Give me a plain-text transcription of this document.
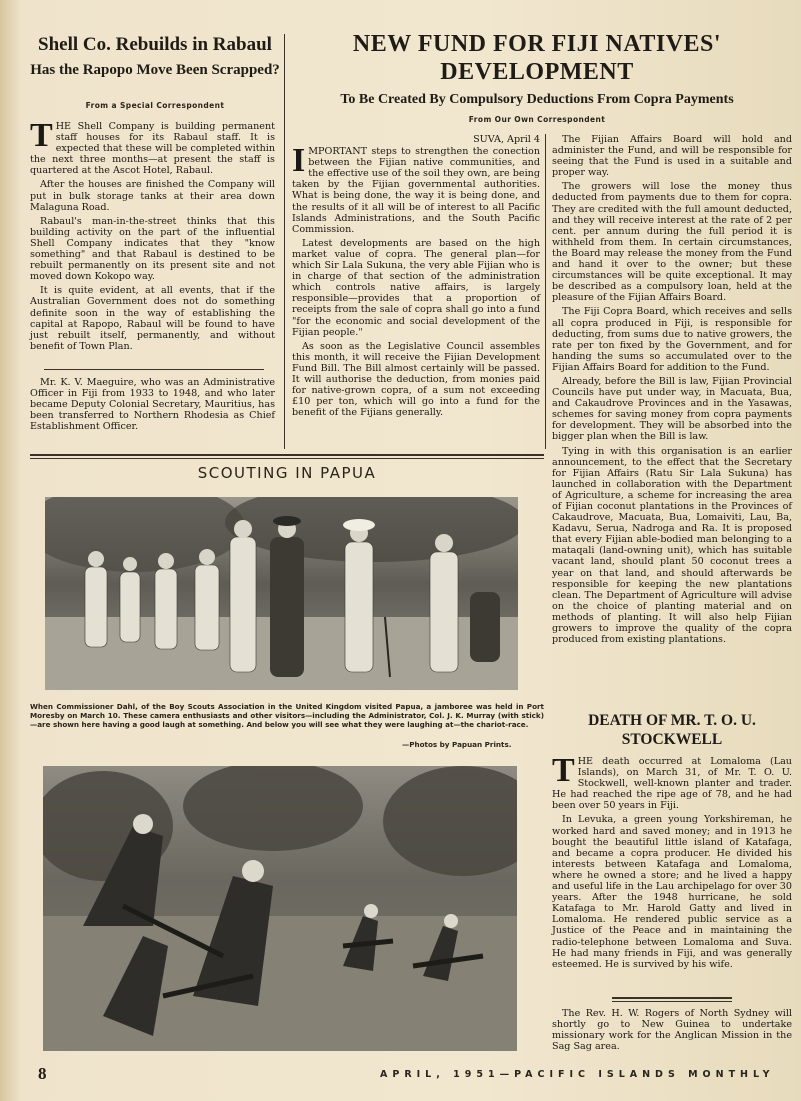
Shell Co. Rebuilds in Rabaul
Has the Rapopo Move Been Scrapped?
From a Special Correspondent

THE Shell Company is building permanent staff houses for its Rabaul staff. It is expected that these will be completed within the next three months—at present the staff is quartered at the Ascot Hotel, Rabaul.

After the houses are finished the Company will put in bulk storage tanks at their area down Malaguna Road.

Rabaul's man-in-the-street thinks that this building activity on the part of the influential Shell Company indicates that they "know something" and that Rabaul is destined to be rebuilt permanently on its present site and not moved down Kokopo way.

It is quite evident, at all events, that if the Australian Government does not do something definite soon in the way of establishing the capital at Rapopo, Rabaul will be found to have just rebuilt itself, permanently, and without benefit of Town Plan.

Mr. K. V. Maeguire, who was an Administrative Officer in Fiji from 1933 to 1948, and who later became Deputy Colonial Secretary, Mauritius, has been transferred to Northern Rhodesia as Chief Establishment Officer.

NEW FUND FOR FIJI NATIVES'
DEVELOPMENT
To Be Created By Compulsory Deductions From Copra Payments
From Our Own Correspondent
SUVA, April 4

IMPORTANT steps to strengthen the conection between the Fijian native communities, and the effective use of the soil they own, are being taken by the Fijian governmental authorities. What is being done, the way it is being done, and the results of it all will be of interest to all Pacific Islands Administrations, and the South Pacific Commission.

Latest developments are based on the high market value of copra. The general plan—for which Sir Lala Sukuna, the very able Fijian who is in charge of that section of the administration which controls native affairs, is largely responsible—provides that a proportion of receipts from the sale of copra shall go into a fund "for the economic and social development of the Fijian people."

As soon as the Legislative Council assembles this month, it will receive the Fijian Development Fund Bill. The Bill almost certainly will be passed. It will authorise the deduction, from monies paid for native-grown copra, of a sum not exceeding £10 per ton, which will go into a fund for the benefit of the Fijians generally.

The Fijian Affairs Board will hold and administer the Fund, and will be responsible for seeing that the Fund is used in a suitable and proper way.

The growers will lose the money thus deducted from payments due to them for copra. They are credited with the full amount deducted, and they will receive interest at the rate of 2 per cent. per annum during the full period it is withheld from them. In certain circumstances, the Board may release the money from the Fund and hand it over to the owner; but these circumstances will be quite exceptional. It may be described as a compulsory loan, held at the pleasure of the Fijian Affairs Board.

The Fiji Copra Board, which receives and sells all copra produced in Fiji, is responsible for deducting, from sums due to native growers, the rate per ton fixed by the Government, and for handing the sums so accumulated over to the Fijian Affairs Board for addition to the Fund.

Already, before the Bill is law, Fijian Provincial Councils have put under way, in Macuata, Bua, and Cakaudrove Provinces and in the Yasawas, schemes for saving money from copra payments for development. They will be absorbed into the bigger plan when the Bill is law.

Tying in with this organisation is an earlier announcement, to the effect that the Secretary for Fijian Affairs (Ratu Sir Lala Sukuna) has launched in collaboration with the Department of Agriculture, a scheme for increasing the area of Fijian coconut plantations in the Provinces of Cakaudrove, Macuata, Bua, Lomaiviti, Lau, Ba, Kadavu, Serua, Nadroga and Ra. It is proposed that every Fijian able-bodied man belonging to a mataqali (land-owning unit), which has suitable vacant land, should plant 50 coconut trees a year on that land, and should afterwards be responsible for keeping the new plantations clean. The Department of Agriculture will advise on the choice of planting material and on methods of planting. It will also help Fijian growers to improve the quality of the copra produced from existing plantations.

SCOUTING IN PAPUA
When Commissioner Dahl, of the Boy Scouts Association in the United Kingdom visited Papua, a jamboree was held in Port Moresby on March 10. These camera enthusiasts and other visitors—including the Administrator, Col. J. K. Murray (with stick)—are shown here having a good laugh at something. And below you will see what they were laughing at—the chariot-race.
—Photos by Papuan Prints.
DEATH OF MR. T. O. U.
STOCKWELL

THE death occurred at Lomaloma (Lau Islands), on March 31, of Mr. T. O. U. Stockwell, well-known planter and trader. He had reached the ripe age of 78, and he had been over 50 years in Fiji.

In Levuka, a green young Yorkshireman, he worked hard and saved money; and in 1913 he bought the beautiful little island of Katafaga, and became a copra producer. He divided his interests between Katafaga and Lomaloma, where he owned a store; and he lived a happy and useful life in the Lau archipelago for over 30 years. After the 1948 hurricane, he sold Katafaga to Mr. Harold Gatty and lived in Lomaloma. He rendered public service as a Justice of the Peace and in maintaining the radio-telephone between Lomaloma and Suva. He had many friends in Fiji, and was generally esteemed. He is survived by his wife.

The Rev. H. W. Rogers of North Sydney will shortly go to New Guinea to undertake missionary work for the Anglican Mission in the Sag Sag area.

8	APRIL, 1951—PACIFIC ISLANDS MONTHLY
